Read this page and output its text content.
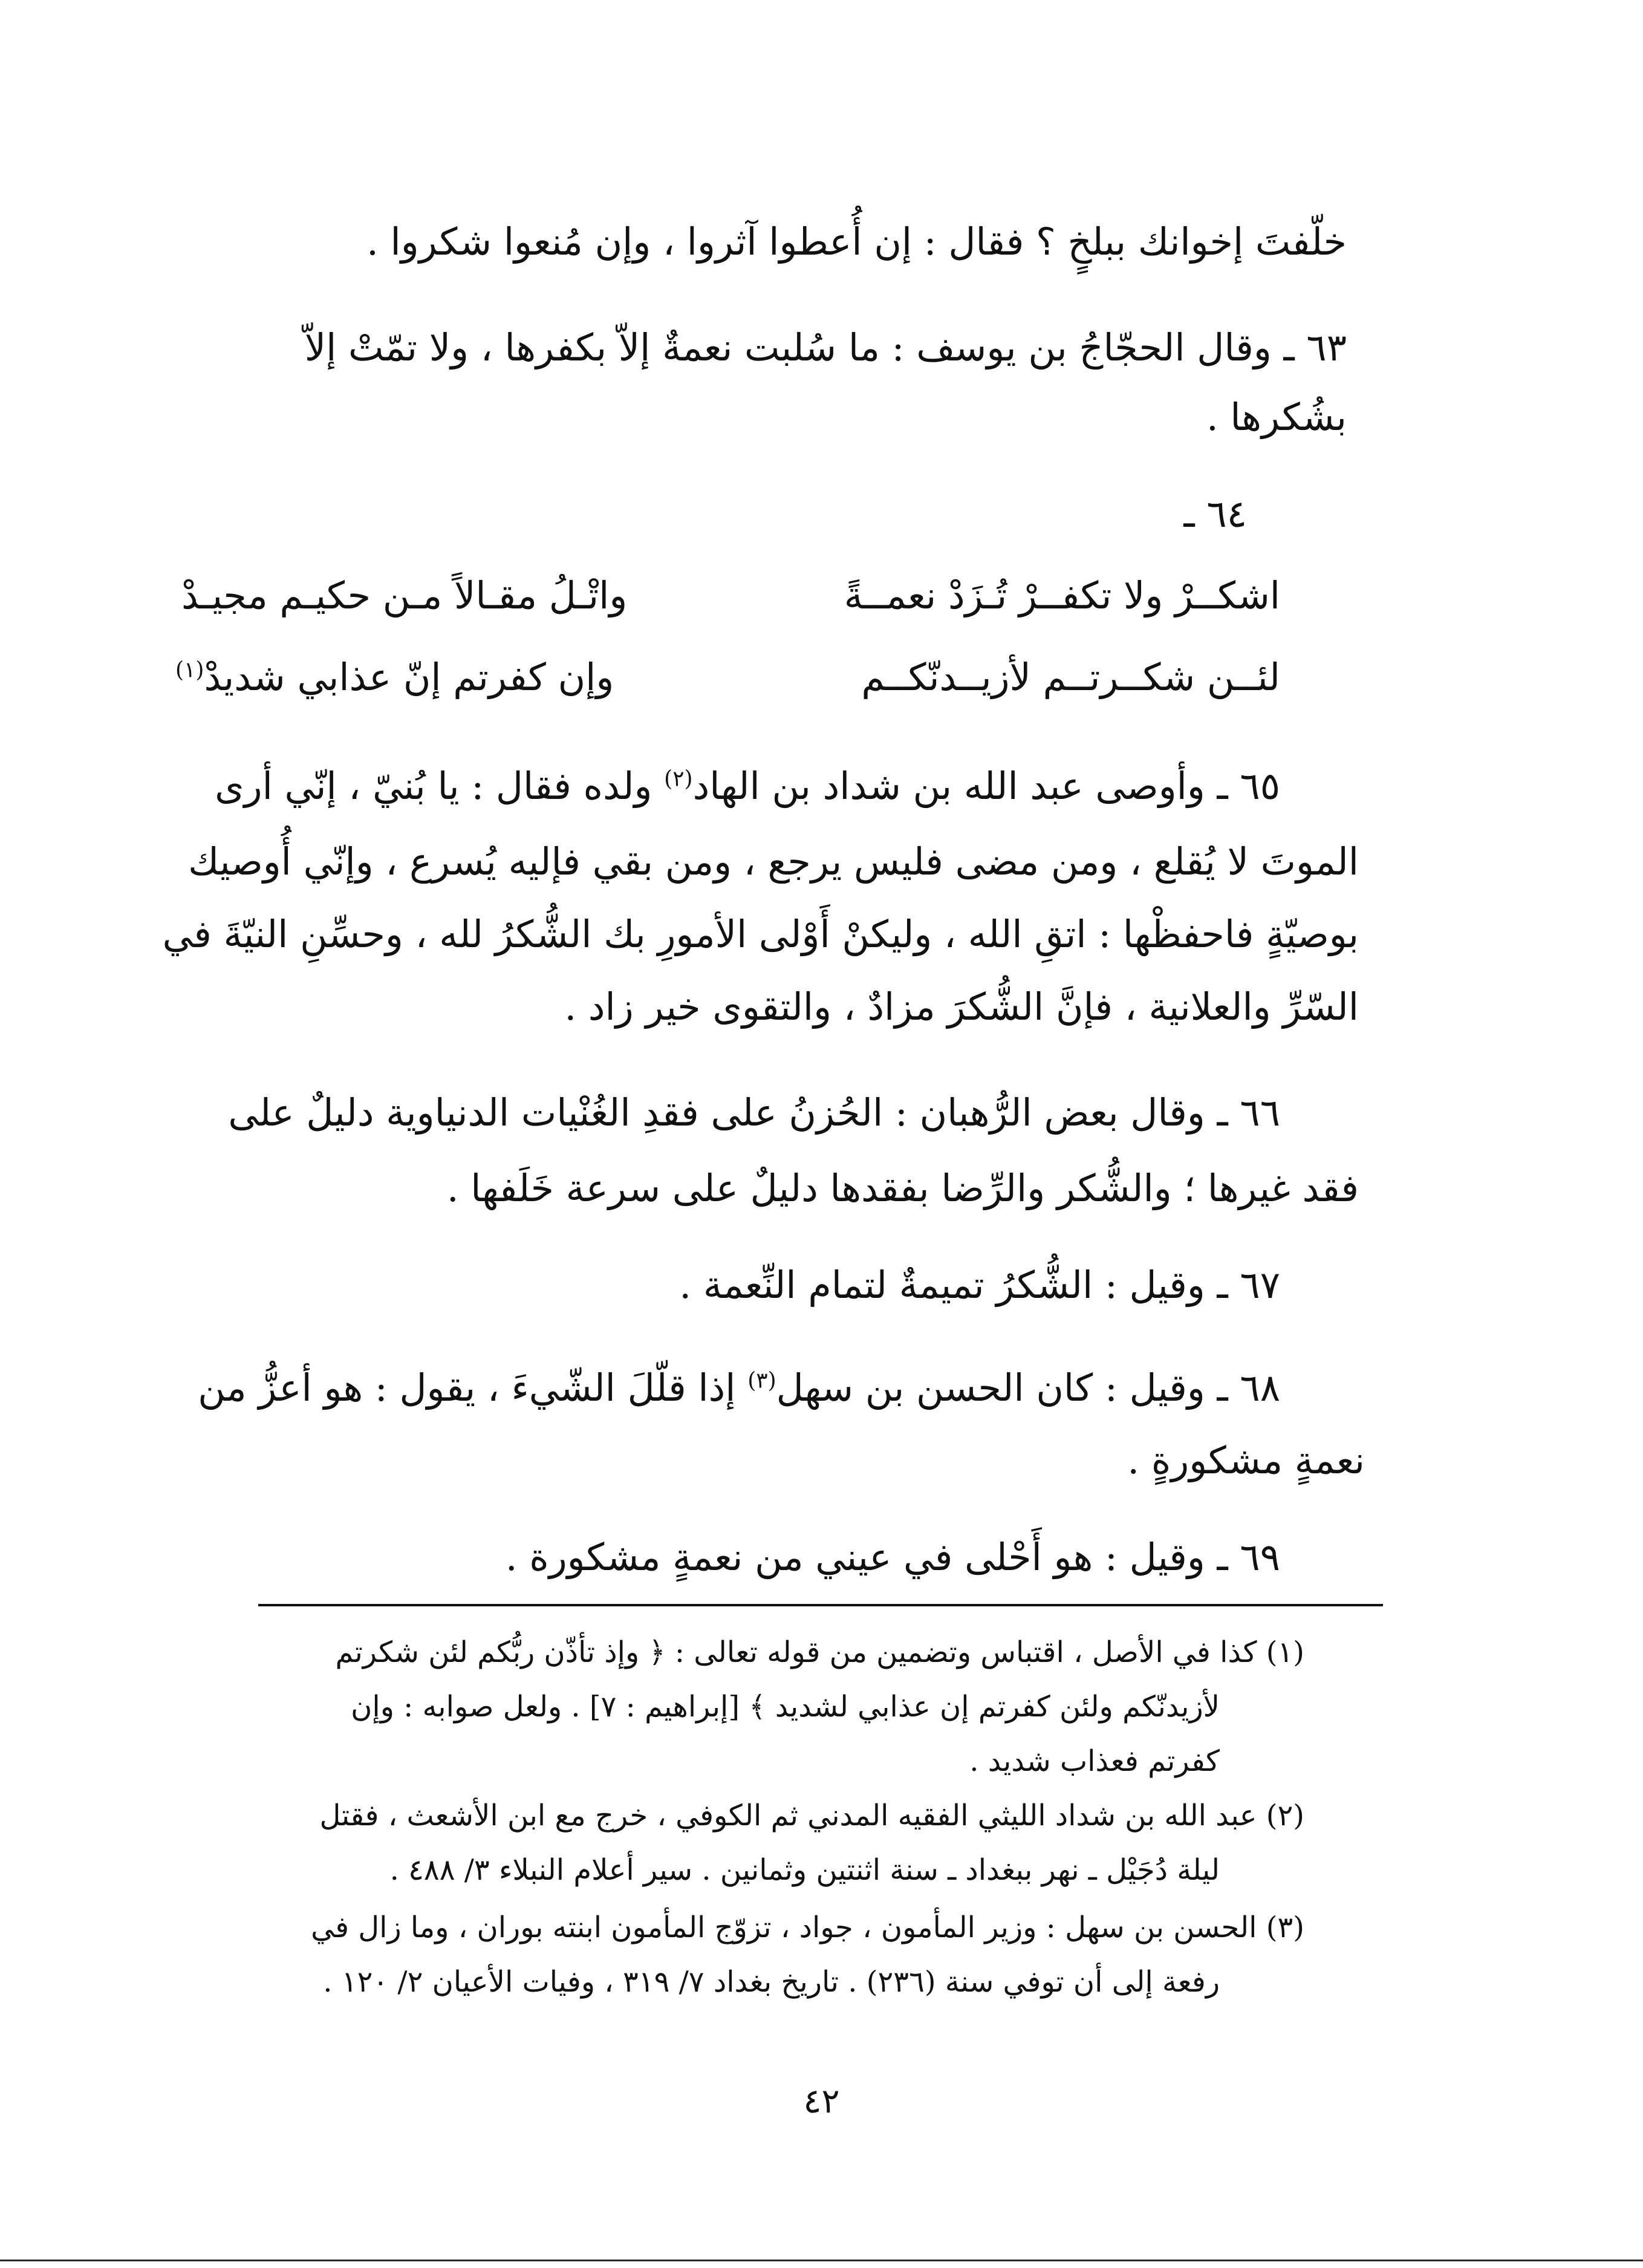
خلّفتَ إخوانك ببلخٍ ؟ فقال : إن أُعطوا آثروا ، وإن مُنعوا شكروا .
٦٣ ـ وقال الحجّاجُ بن يوسف : ما سُلبت نعمةٌ إلاّ بكفرها ، ولا تمّتْ إلاّ
بشُكرها .
٦٤ ـ
اشكــرْ ولا تكفــرْ تُـزَدْ نعمــةً
واتْـلُ مقـالاً مـن حكيـم مجيـدْ
لئــن شكــرتــم لأزيــدنّكــم
وإن كفرتم إنّ عذابي شديدْ$^{(١)}$
٦٥ ـ وأوصى عبد الله بن شداد بن الهاد$^{(٢)}$ ولده فقال : يا بُنيّ ، إنّي أرى
الموتَ لا يُقلع ، ومن مضى فليس يرجع ، ومن بقي فإليه يُسرع ، وإنّي أُوصيك
بوصيّةٍ فاحفظْها : اتقِ الله ، وليكنْ أَوْلى الأمورِ بك الشُّكرُ لله ، وحسِّنِ النيّةَ في
السّرِّ والعلانية ، فإنَّ الشُّكرَ مزادٌ ، والتقوى خير زاد .
٦٦ ـ وقال بعض الرُّهبان : الحُزنُ على فقدِ الغُنْيات الدنياوية دليلٌ على
فقد غيرها ؛ والشُّكر والرِّضا بفقدها دليلٌ على سرعة خَلَفها .
٦٧ ـ وقيل : الشُّكرُ تميمةٌ لتمام النِّعمة .
٦٨ ـ وقيل : كان الحسن بن سهل$^{(٣)}$ إذا قلّلَ الشّيءَ ، يقول : هو أعزُّ من
نعمةٍ مشكورةٍ .
٦٩ ـ وقيل : هو أَحْلى في عيني من نعمةٍ مشكورة .
(١) كذا في الأصل ، اقتباس وتضمين من قوله تعالى : ﴿ وإذ تأذّن ربُّكم لئن شكرتم
لأزيدنّكم ولئن كفرتم إن عذابي لشديد ﴾ [إبراهيم : ٧] . ولعل صوابه : وإن
كفرتم فعذاب شديد .
(٢) عبد الله بن شداد الليثي الفقيه المدني ثم الكوفي ، خرج مع ابن الأشعث ، فقتل
ليلة دُجَيْل ـ نهر ببغداد ـ سنة اثنتين وثمانين . سير أعلام النبلاء ٣/ ٤٨٨ .
(٣) الحسن بن سهل : وزير المأمون ، جواد ، تزوّج المأمون ابنته بوران ، وما زال في
رفعة إلى أن توفي سنة (٢٣٦) . تاريخ بغداد ٧/ ٣١٩ ، وفيات الأعيان ٢/ ١٢٠ .
٤٢
